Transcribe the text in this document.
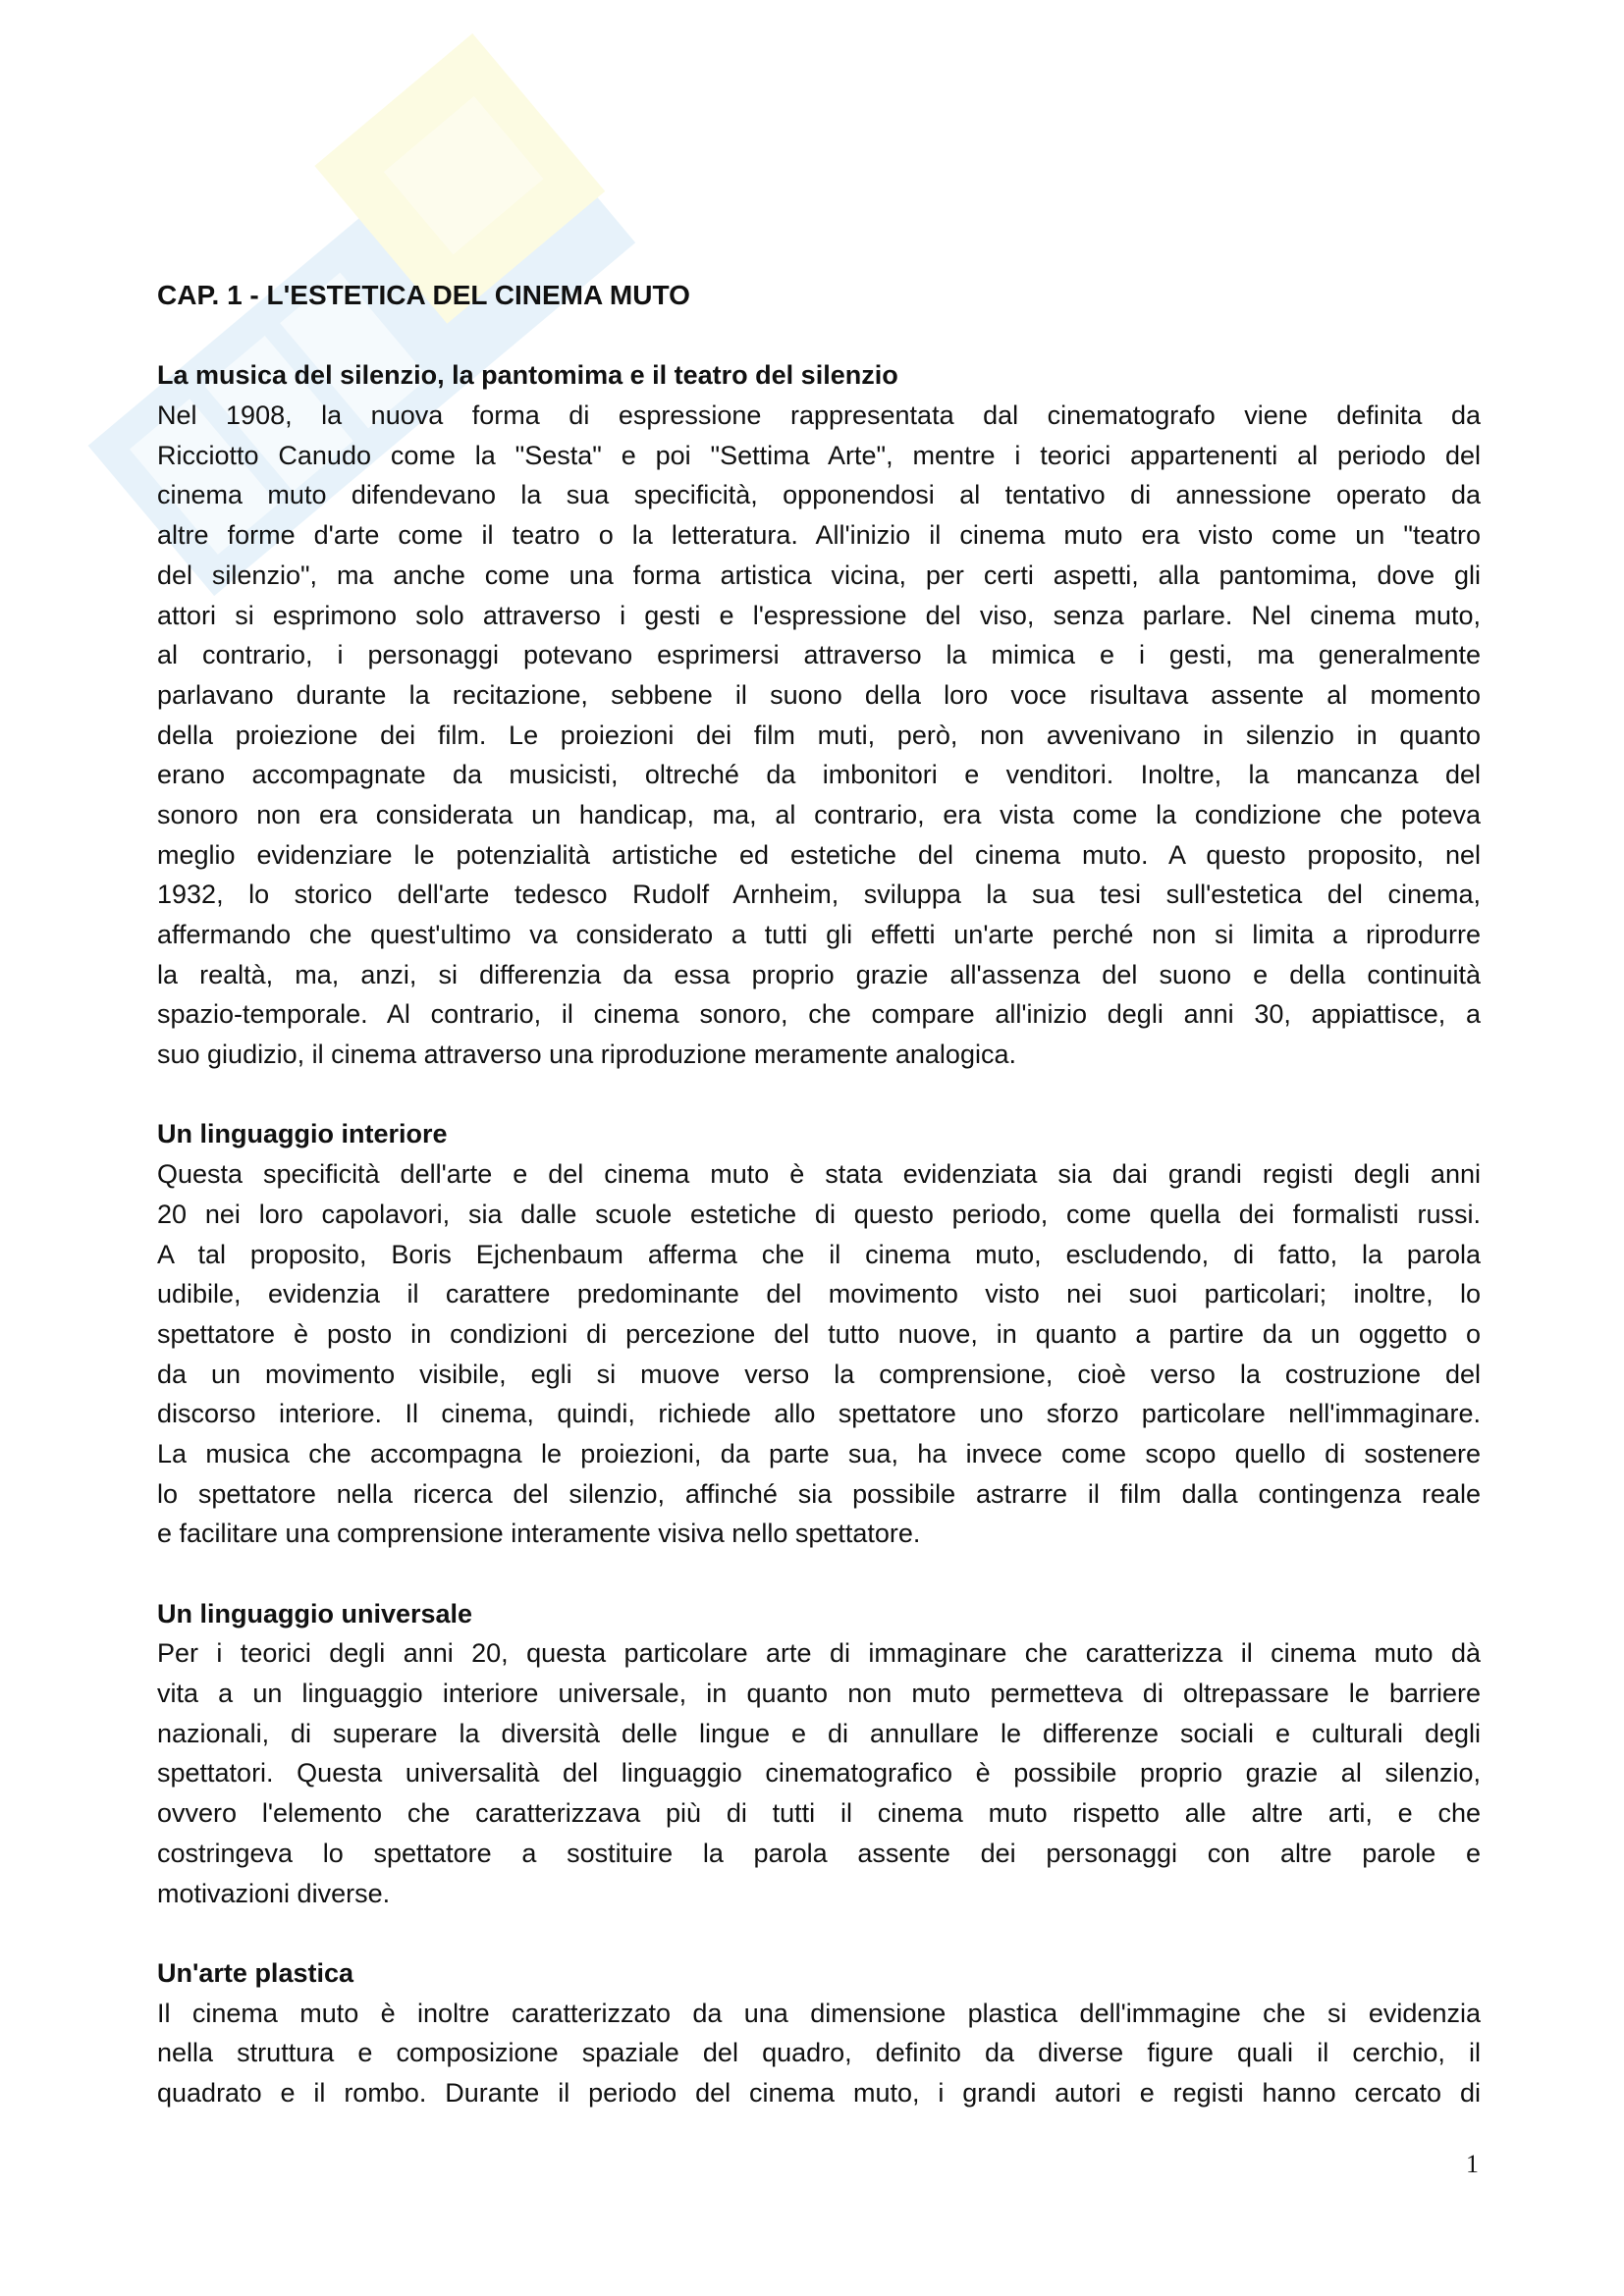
CAP. 1 - L'ESTETICA DEL CINEMA MUTO
La musica del silenzio, la pantomima e il teatro del silenzio
Nel 1908, la nuova forma di espressione rappresentata dal cinematografo viene definita da
Ricciotto Canudo come la "Sesta" e poi "Settima Arte", mentre i teorici appartenenti al periodo del
cinema muto difendevano la sua specificità, opponendosi al tentativo di annessione operato da
altre forme d'arte come il teatro o la letteratura. All'inizio il cinema muto era visto come un "teatro
del silenzio", ma anche come una forma artistica vicina, per certi aspetti, alla pantomima, dove gli
attori si esprimono solo attraverso i gesti e l'espressione del viso, senza parlare. Nel cinema muto,
al contrario, i personaggi potevano esprimersi attraverso la mimica e i gesti, ma generalmente
parlavano durante la recitazione, sebbene il suono della loro voce risultava assente al momento
della proiezione dei film. Le proiezioni dei film muti, però, non avvenivano in silenzio in quanto
erano accompagnate da musicisti, oltreché da imbonitori e venditori. Inoltre, la mancanza del
sonoro non era considerata un handicap, ma, al contrario, era vista come la condizione che poteva
meglio evidenziare le potenzialità artistiche ed estetiche del cinema muto. A questo proposito, nel
1932, lo storico dell'arte tedesco Rudolf Arnheim, sviluppa la sua tesi sull'estetica del cinema,
affermando che quest'ultimo va considerato a tutti gli effetti un'arte perché non si limita a riprodurre
la realtà, ma, anzi, si differenzia da essa proprio grazie all'assenza del suono e della continuità
spazio-temporale. Al contrario, il cinema sonoro, che compare all'inizio degli anni 30, appiattisce, a
suo giudizio, il cinema attraverso una riproduzione meramente analogica.
Un linguaggio interiore
Questa specificità dell'arte e del cinema muto è stata evidenziata sia dai grandi registi degli anni
20 nei loro capolavori, sia dalle scuole estetiche di questo periodo, come quella dei formalisti russi.
A tal proposito, Boris Ejchenbaum afferma che il cinema muto, escludendo, di fatto, la parola
udibile, evidenzia il carattere predominante del movimento visto nei suoi particolari; inoltre, lo
spettatore è posto in condizioni di percezione del tutto nuove, in quanto a partire da un oggetto o
da un movimento visibile, egli si muove verso la comprensione, cioè verso la costruzione del
discorso interiore. Il cinema, quindi, richiede allo spettatore uno sforzo particolare nell'immaginare.
La musica che accompagna le proiezioni, da parte sua, ha invece come scopo quello di sostenere
lo spettatore nella ricerca del silenzio, affinché sia possibile astrarre il film dalla contingenza reale
e facilitare una comprensione interamente visiva nello spettatore.
Un linguaggio universale
Per i teorici degli anni 20, questa particolare arte di immaginare che caratterizza il cinema muto dà
vita a un linguaggio interiore universale, in quanto non muto permetteva di oltrepassare le barriere
nazionali, di superare la diversità delle lingue e di annullare le differenze sociali e culturali degli
spettatori. Questa universalità del linguaggio cinematografico è possibile proprio grazie al silenzio,
ovvero l'elemento che caratterizzava più di tutti il cinema muto rispetto alle altre arti, e che
costringeva lo spettatore a sostituire la parola assente dei personaggi con altre parole e
motivazioni diverse.
Un'arte plastica
Il cinema muto è inoltre caratterizzato da una dimensione plastica dell'immagine che si evidenzia
nella struttura e composizione spaziale del quadro, definito da diverse figure quali il cerchio, il
quadrato e il rombo. Durante il periodo del cinema muto, i grandi autori e registi hanno cercato di
1
